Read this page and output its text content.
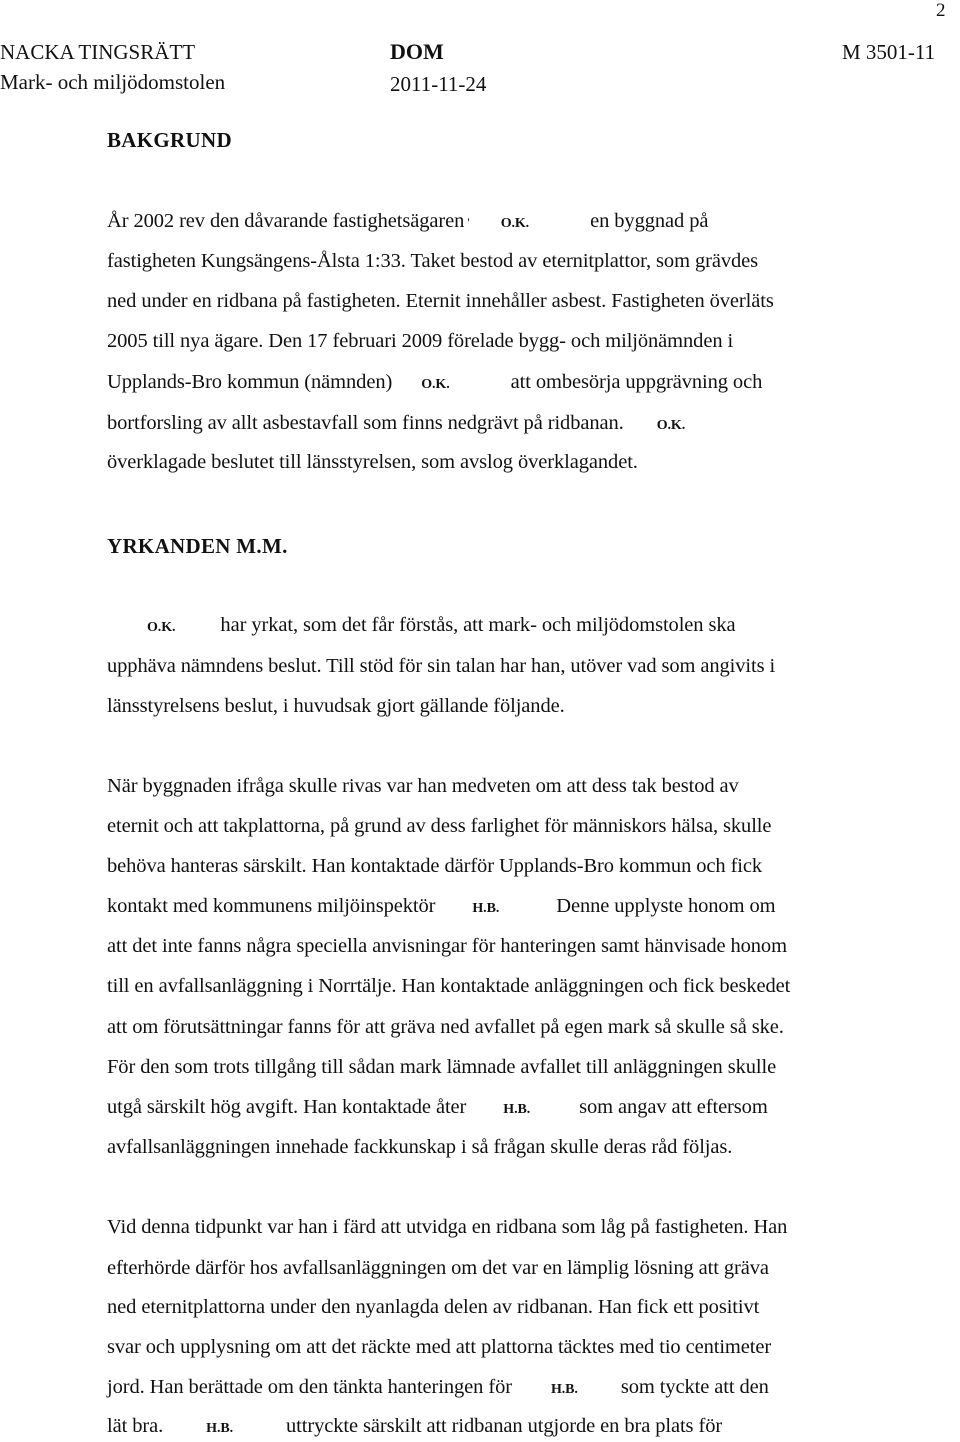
2
NACKA TINGSRÄTT
Mark- och miljödomstolen
DOM
2011-11-24
M 3501-11
BAKGRUND
År 2002 rev den dåvarande fastighetsägaren ' O.K.	en byggnad på
fastigheten Kungsängens-Ålsta 1:33. Taket bestod av eternitplattor, som grävdes
ned under en ridbana på fastigheten. Eternit innehåller asbest. Fastigheten överläts
2005 till nya ägare. Den 17 februari 2009 förelade bygg- och miljönämnden i
Upplands-Bro kommun (nämnden) O.K.	att ombesörja uppgrävning och
bortforsling av allt asbestavfall som finns nedgrävt på ridbanan. O.K.
överklagade beslutet till länsstyrelsen, som avslog överklagandet.
YRKANDEN M.M.
O.K. har yrkat, som det får förstås, att mark- och miljödomstolen ska
upphäva nämndens beslut. Till stöd för sin talan har han, utöver vad som angivits i
länsstyrelsens beslut, i huvudsak gjort gällande följande.
När byggnaden ifråga skulle rivas var han medveten om att dess tak bestod av
eternit och att takplattorna, på grund av dess farlighet för människors hälsa, skulle
behöva hanteras särskilt. Han kontaktade därför Upplands-Bro kommun och fick
kontakt med kommunens miljöinspektör	H.B.	Denne upplyste honom om
att det inte fanns några speciella anvisningar för hanteringen samt hänvisade honom
till en avfallsanläggning i Norrtälje. Han kontaktade anläggningen och fick beskedet
att om förutsättningar fanns för att gräva ned avfallet på egen mark så skulle så ske.
För den som trots tillgång till sådan mark lämnade avfallet till anläggningen skulle
utgå särskilt hög avgift. Han kontaktade åter	H.B. som angav att eftersom
avfallsanläggningen innehade fackkunskap i så frågan skulle deras råd följas.
Vid denna tidpunkt var han i färd att utvidga en ridbana som låg på fastigheten. Han
efterhörde därför hos avfallsanläggningen om det var en lämplig lösning att gräva
ned eternitplattorna under den nyanlagda delen av ridbanan. Han fick ett positivt
svar och upplysning om att det räckte med att plattorna täcktes med tio centimeter
jord. Han berättade om den tänkta hanteringen för	H.B. som tyckte att den
lät bra.	H.B.	uttryckte särskilt att ridbanan utgjorde en bra plats för
